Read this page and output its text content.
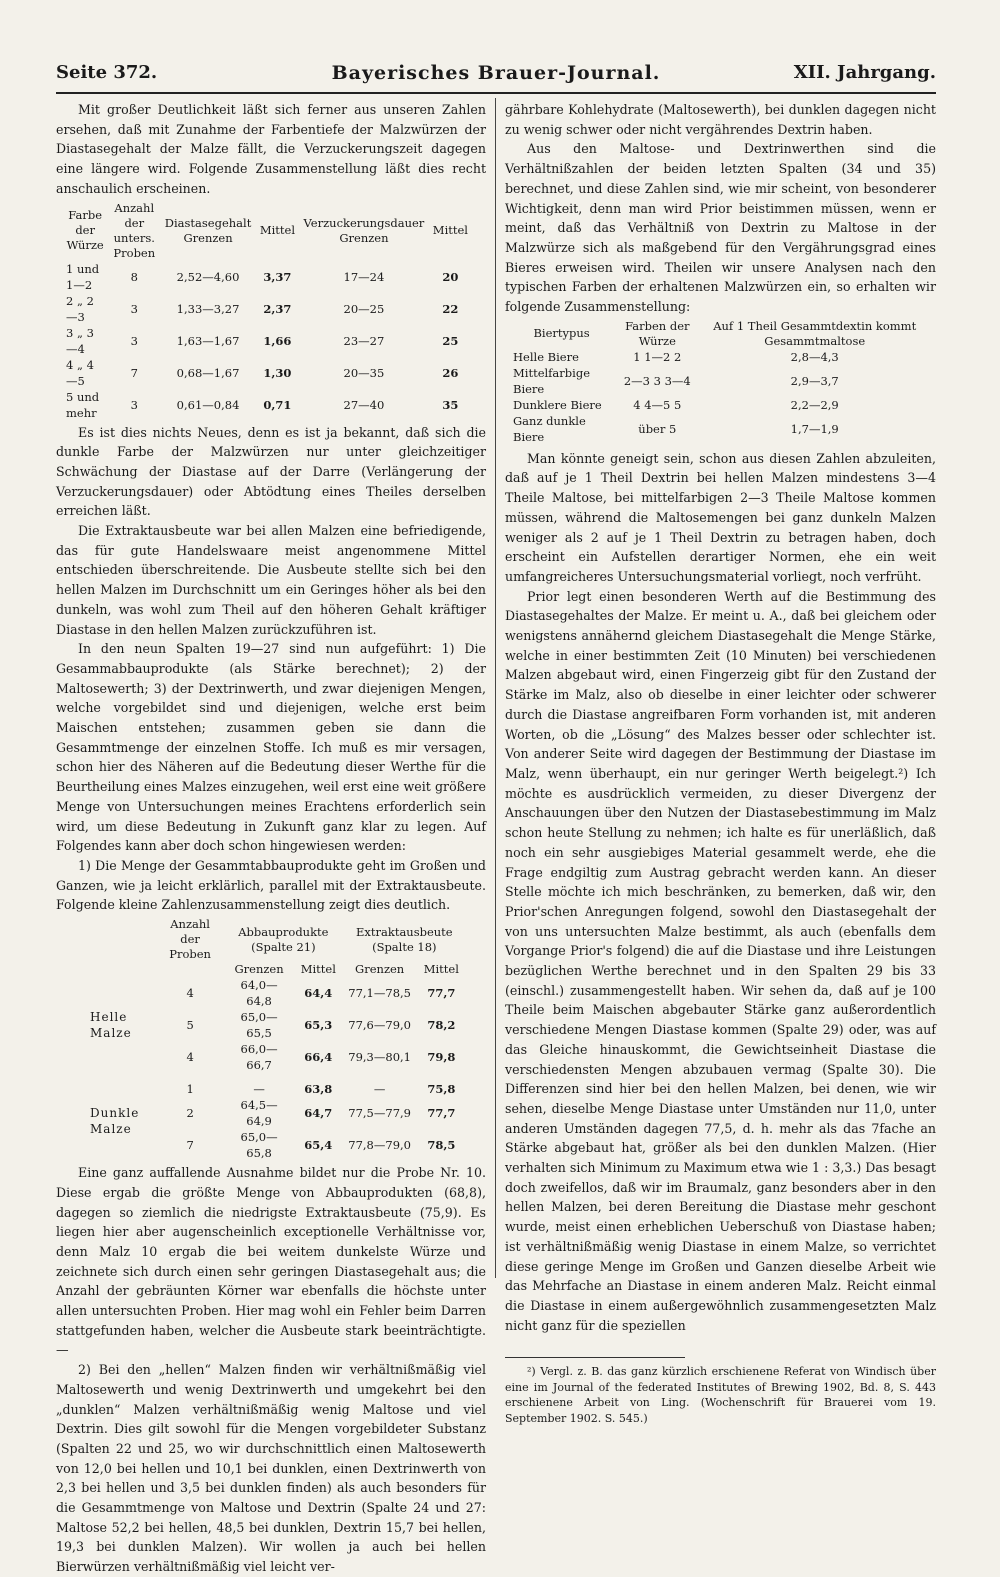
Seite 372.	Bayerisches Brauer-Journal.	XII. Jahrgang.

Mit großer Deutlichkeit läßt sich ferner aus unseren Zahlen ersehen, daß mit Zunahme der Farbentiefe der Malzwürzen der Diastasegehalt der Malze fällt, die Verzuckerungszeit dagegen eine längere wird. Folgende Zusammenstellung läßt dies recht anschaulich erscheinen.

Farbe der Würze	Anzahl der unters. Proben	Diastasegehalt Grenzen	Mittel	Verzuckerungsdauer Grenzen	Mittel
1 und 1—2	8	2,52—4,60	3,37	17—24	20
2 „ 2—3	3	1,33—3,27	2,37	20—25	22
3 „ 3—4	3	1,63—1,67	1,66	23—27	25
4 „ 4—5	7	0,68—1,67	1,30	20—35	26
5 und mehr	3	0,61—0,84	0,71	27—40	35

Es ist dies nichts Neues, denn es ist ja bekannt, daß sich die dunkle Farbe der Malzwürzen nur unter gleichzeitiger Schwächung der Diastase auf der Darre (Verlängerung der Verzuckerungsdauer) oder Abtödtung eines Theiles derselben erreichen läßt.

Die Extraktausbeute war bei allen Malzen eine befriedigende, das für gute Handelswaare meist angenommene Mittel entschieden überschreitende. Die Ausbeute stellte sich bei den hellen Malzen im Durchschnitt um ein Geringes höher als bei den dunkeln, was wohl zum Theil auf den höheren Gehalt kräftiger Diastase in den hellen Malzen zurückzuführen ist.

In den neun Spalten 19—27 sind nun aufgeführt: 1) Die Gesammabbauprodukte (als Stärke berechnet); 2) der Maltosewerth; 3) der Dextrinwerth, und zwar diejenigen Mengen, welche vorgebildet sind und diejenigen, welche erst beim Maischen entstehen; zusammen geben sie dann die Gesammtmenge der einzelnen Stoffe. Ich muß es mir versagen, schon hier des Näheren auf die Bedeutung dieser Werthe für die Beurtheilung eines Malzes einzugehen, weil erst eine weit größere Menge von Untersuchungen meines Erachtens erforderlich sein wird, um diese Bedeutung in Zukunft ganz klar zu legen. Auf Folgendes kann aber doch schon hingewiesen werden:

1) Die Menge der Gesammtabbauprodukte geht im Großen und Ganzen, wie ja leicht erklärlich, parallel mit der Extraktausbeute. Folgende kleine Zahlenzusammenstellung zeigt dies deutlich.

	Anzahl der Proben	Abbauprodukte (Spalte 21)		Extraktausbeute (Spalte 18)	
		Grenzen	Mittel	Grenzen	Mittel
Helle Malze	4	64,0—64,8	64,4	77,1—78,5	77,7
	5	65,0—65,5	65,3	77,6—79,0	78,2
	4	66,0—66,7	66,4	79,3—80,1	79,8

Dunkle Malze	1	—	63,8	—	75,8
	2	64,5—64,9	64,7	77,5—77,9	77,7
	7	65,0—65,8	65,4	77,8—79,0	78,5

Eine ganz auffallende Ausnahme bildet nur die Probe Nr. 10. Diese ergab die größte Menge von Abbauprodukten (68,8), dagegen so ziemlich die niedrigste Extraktausbeute (75,9). Es liegen hier aber augenscheinlich exceptionelle Verhältnisse vor, denn Malz 10 ergab die bei weitem dunkelste Würze und zeichnete sich durch einen sehr geringen Diastasegehalt aus; die Anzahl der gebräunten Körner war ebenfalls die höchste unter allen untersuchten Proben. Hier mag wohl ein Fehler beim Darren stattgefunden haben, welcher die Ausbeute stark beeinträchtigte. —

2) Bei den „hellen“ Malzen finden wir verhältnißmäßig viel Maltosewerth und wenig Dextrinwerth und umgekehrt bei den „dunklen“ Malzen verhältnißmäßig wenig Maltose und viel Dextrin. Dies gilt sowohl für die Mengen vorgebildeter Substanz (Spalten 22 und 25, wo wir durchschnittlich einen Maltosewerth von 12,0 bei hellen und 10,1 bei dunklen, einen Dextrinwerth von 2,3 bei hellen und 3,5 bei dunklen finden) als auch besonders für die Gesammtmenge von Maltose und Dextrin (Spalte 24 und 27: Maltose 52,2 bei hellen, 48,5 bei dunklen, Dextrin 15,7 bei hellen, 19,3 bei dunklen Malzen). Wir wollen ja auch bei hellen Bierwürzen verhältnißmäßig viel leicht ver-

gährbare Kohlehydrate (Maltosewerth), bei dunklen dagegen nicht zu wenig schwer oder nicht vergährendes Dextrin haben.

Aus den Maltose- und Dextrinwerthen sind die Verhältnißzahlen der beiden letzten Spalten (34 und 35) berechnet, und diese Zahlen sind, wie mir scheint, von besonderer Wichtigkeit, denn man wird Prior beistimmen müssen, wenn er meint, daß das Verhältniß von Dextrin zu Maltose in der Malzwürze sich als maßgebend für den Vergährungsgrad eines Bieres erweisen wird. Theilen wir unsere Analysen nach den typischen Farben der erhaltenen Malzwürzen ein, so erhalten wir folgende Zusammenstellung:

Biertypus	Farben der Würze	Auf 1 Theil Gesammtdextin kommt Gesammtmaltose
Helle Biere	1 1—2 2	2,8—4,3
Mittelfarbige Biere	2—3 3 3—4	2,9—3,7
Dunklere Biere	4 4—5 5	2,2—2,9
Ganz dunkle Biere	über 5	1,7—1,9

Man könnte geneigt sein, schon aus diesen Zahlen abzuleiten, daß auf je 1 Theil Dextrin bei hellen Malzen mindestens 3—4 Theile Maltose, bei mittelfarbigen 2—3 Theile Maltose kommen müssen, während die Maltosemengen bei ganz dunkeln Malzen weniger als 2 auf je 1 Theil Dextrin zu betragen haben, doch erscheint ein Aufstellen derartiger Normen, ehe ein weit umfangreicheres Untersuchungsmaterial vorliegt, noch verfrüht.

Prior legt einen besonderen Werth auf die Bestimmung des Diastasegehaltes der Malze. Er meint u. A., daß bei gleichem oder wenigstens annähernd gleichem Diastasegehalt die Menge Stärke, welche in einer bestimmten Zeit (10 Minuten) bei verschiedenen Malzen abgebaut wird, einen Fingerzeig gibt für den Zustand der Stärke im Malz, also ob dieselbe in einer leichter oder schwerer durch die Diastase angreifbaren Form vorhanden ist, mit anderen Worten, ob die „Lösung“ des Malzes besser oder schlechter ist. Von anderer Seite wird dagegen der Bestimmung der Diastase im Malz, wenn überhaupt, ein nur geringer Werth beigelegt.²) Ich möchte es ausdrücklich vermeiden, zu dieser Divergenz der Anschauungen über den Nutzen der Diastasebestimmung im Malz schon heute Stellung zu nehmen; ich halte es für unerläßlich, daß noch ein sehr ausgiebiges Material gesammelt werde, ehe die Frage endgiltig zum Austrag gebracht werden kann. An dieser Stelle möchte ich mich beschränken, zu bemerken, daß wir, den Prior'schen Anregungen folgend, sowohl den Diastasegehalt der von uns untersuchten Malze bestimmt, als auch (ebenfalls dem Vorgange Prior's folgend) die auf die Diastase und ihre Leistungen bezüglichen Werthe berechnet und in den Spalten 29 bis 33 (einschl.) zusammengestellt haben. Wir sehen da, daß auf je 100 Theile beim Maischen abgebauter Stärke ganz außerordentlich verschiedene Mengen Diastase kommen (Spalte 29) oder, was auf das Gleiche hinauskommt, die Gewichtseinheit Diastase die verschiedensten Mengen abzubauen vermag (Spalte 30). Die Differenzen sind hier bei den hellen Malzen, bei denen, wie wir sehen, dieselbe Menge Diastase unter Umständen nur 11,0, unter anderen Umständen dagegen 77,5, d. h. mehr als das 7fache an Stärke abgebaut hat, größer als bei den dunklen Malzen. (Hier verhalten sich Minimum zu Maximum etwa wie 1 : 3,3.) Das besagt doch zweifellos, daß wir im Braumalz, ganz besonders aber in den hellen Malzen, bei deren Bereitung die Diastase mehr geschont wurde, meist einen erheblichen Ueberschuß von Diastase haben; ist verhältnißmäßig wenig Diastase in einem Malze, so verrichtet diese geringe Menge im Großen und Ganzen dieselbe Arbeit wie das Mehrfache an Diastase in einem anderen Malz. Reicht einmal die Diastase in einem außergewöhnlich zusammengesetzten Malz nicht ganz für die speziellen

²) Vergl. z. B. das ganz kürzlich erschienene Referat von Windisch über eine im Journal of the federated Institutes of Brewing 1902, Bd. 8, S. 443 erschienene Arbeit von Ling. (Wochenschrift für Brauerei vom 19. September 1902. S. 545.)
